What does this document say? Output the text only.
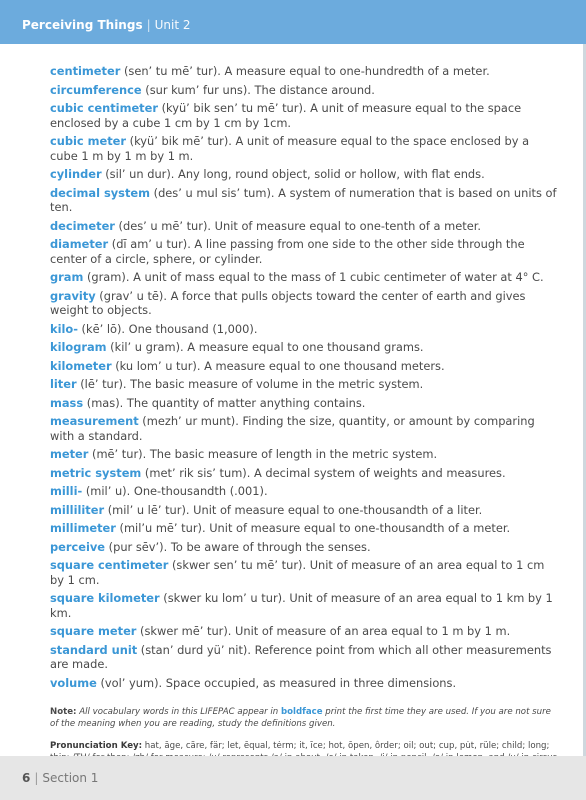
Perceiving Things | Unit 2

centimeter (sen’ tu mē’ tur). A measure equal to one-hundredth of a meter.

circumference (sur kum’ fur uns). The distance around.

cubic centimeter (kyü’ bik sen’ tu mē’ tur). A unit of measure equal to the space enclosed by a cube 1 cm by 1 cm by 1cm.

cubic meter (kyü’ bik mē’ tur). A unit of measure equal to the space enclosed by a cube 1 m by 1 m by 1 m.

cylinder (sil’ un dur). Any long, round object, solid or hollow, with flat ends.

decimal system (des’ u mul sis’ tum). A system of numeration that is based on units of ten.

decimeter (des’ u mē’ tur). Unit of measure equal to one-tenth of a meter.

diameter (dī am’ u tur). A line passing from one side to the other side through the center of a circle, sphere, or cylinder.

gram (gram). A unit of mass equal to the mass of 1 cubic centimeter of water at 4° C.

gravity (grav’ u tē). A force that pulls objects toward the center of earth and gives weight to objects.

kilo- (kē’ lō). One thousand (1,000).

kilogram (kil’ u gram). A measure equal to one thousand grams.

kilometer (ku lom’ u tur). A measure equal to one thousand meters.

liter (lē’ tur). The basic measure of volume in the metric system.

mass (mas). The quantity of matter anything contains.

measurement (mezh’ ur munt). Finding the size, quantity, or amount by comparing with a standard.

meter (mē’ tur). The basic measure of length in the metric system.

metric system (met’ rik sis’ tum). A decimal system of weights and measures.

milli- (mil’ u). One-thousandth (.001).

milliliter (mil’ u lē’ tur). Unit of measure equal to one-thousandth of a liter.

millimeter (mil’u mē’ tur). Unit of measure equal to one-thousandth of a meter.

perceive (pur sēv’). To be aware of through the senses.

square centimeter (skwer sen’ tu mē’ tur). Unit of measure of an area equal to 1 cm by 1 cm.

square kilometer (skwer ku lom’ u tur). Unit of measure of an area equal to 1 km by 1 km.

square meter (skwer mē’ tur). Unit of measure of an area equal to 1 m by 1 m.

standard unit (stan’ durd yü’ nit). Reference point from which all other measurements are made.

volume (vol’ yum). Space occupied, as measured in three dimensions.

Note: All vocabulary words in this LIFEPAC appear in boldface print the first time they are used. If you are not sure of the meaning when you are reading, study the definitions given.

Pronunciation Key: hat, āge, cãre, fär; let, ēqual, tėrm; it, īce; hot, ōpen, ôrder; oil; out; cup, pu̇t, rüle; child; long;

6 | Section 1
